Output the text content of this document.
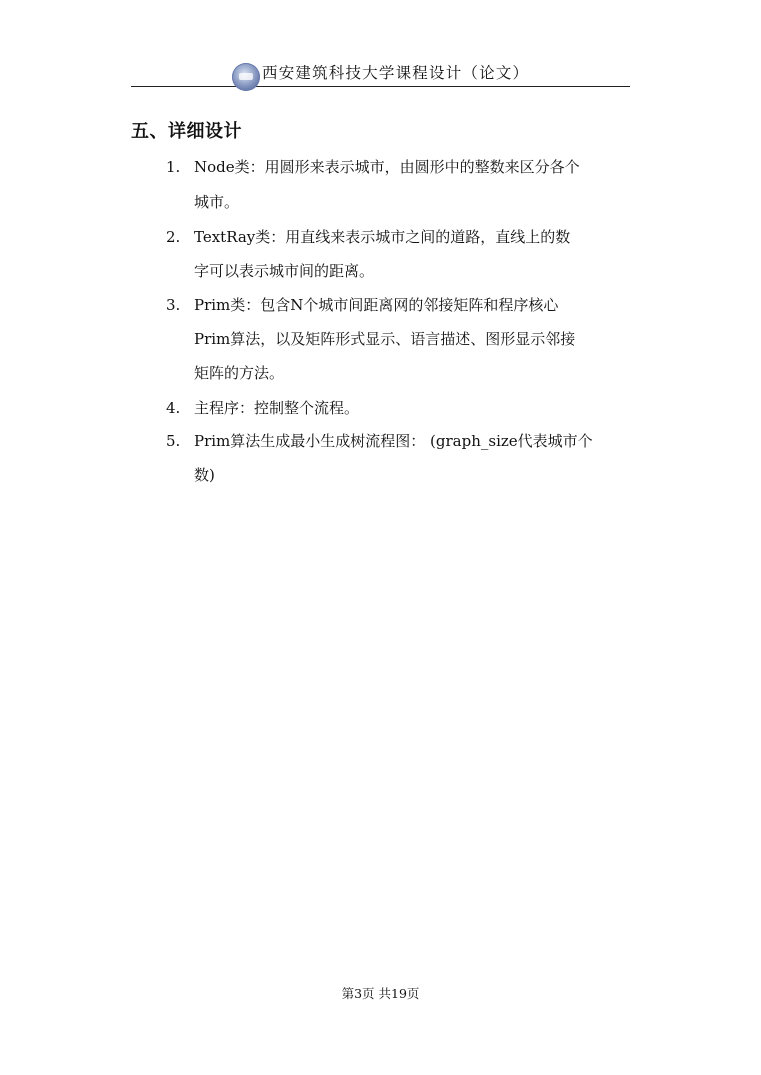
西安建筑科技大学课程设计（论文）
五、详细设计
1. Node类：用圆形来表示城市，由圆形中的整数来区分各个
城市。
2. TextRay类：用直线来表示城市之间的道路，直线上的数
字可以表示城市间的距离。
3. Prim类：包含N个城市间距离网的邻接矩阵和程序核心
Prim算法，以及矩阵形式显示、语言描述、图形显示邻接
矩阵的方法。
4. 主程序：控制整个流程。
5. Prim算法生成最小生成树流程图： (graph_size代表城市个
数)
第3页 共19页
